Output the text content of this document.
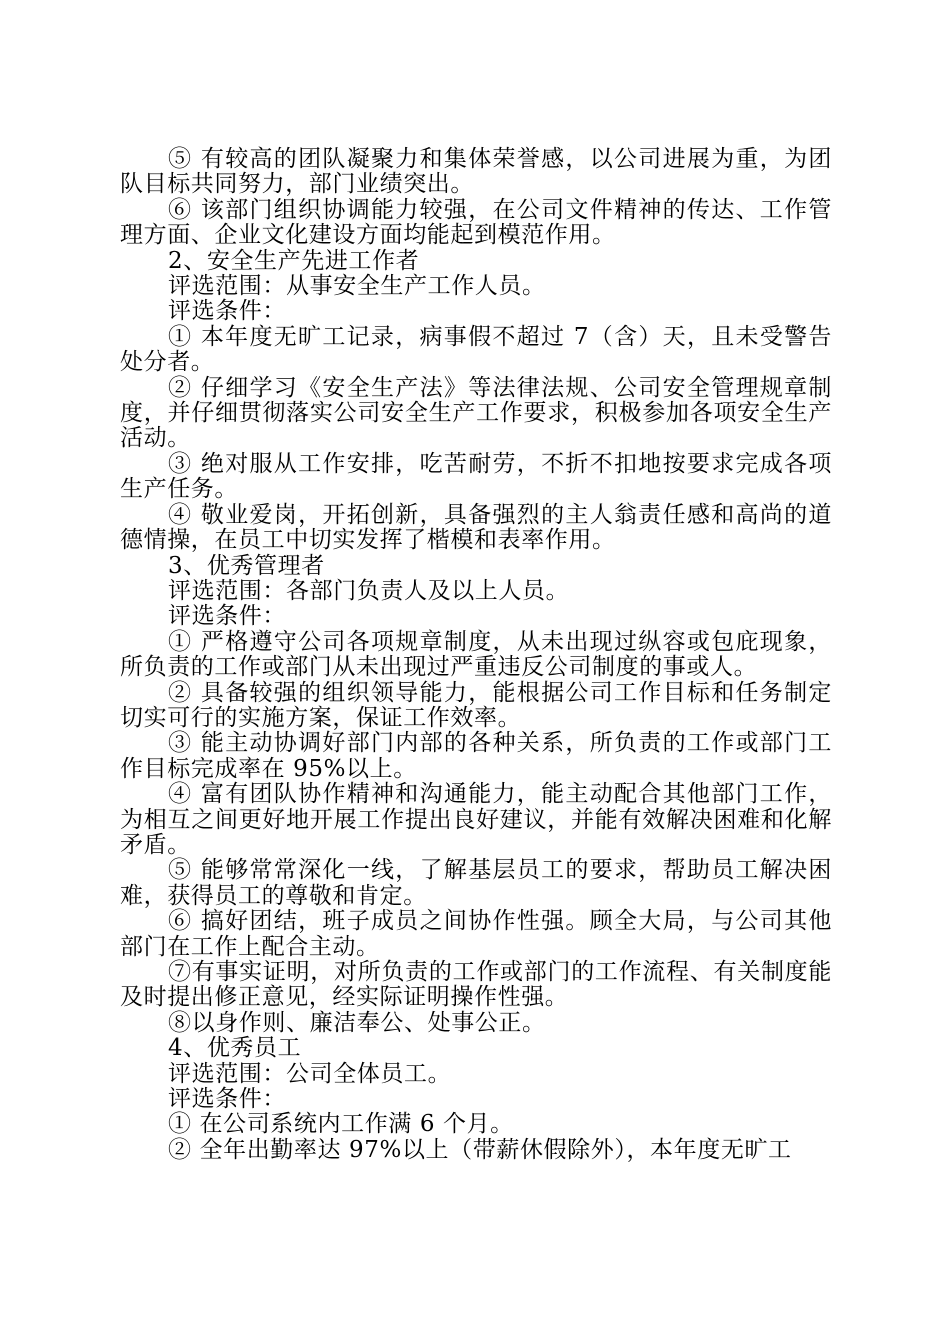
⑤ 有较高的团队凝聚力和集体荣誉感，以公司进展为重，为团队目标共同努力，部门业绩突出。

⑥ 该部门组织协调能力较强，在公司文件精神的传达、工作管理方面、企业文化建设方面均能起到模范作用。

2、安全生产先进工作者

评选范围：从事安全生产工作人员。

评选条件：

① 本年度无旷工记录，病事假不超过 7（含）天，且未受警告处分者。

② 仔细学习《安全生产法》等法律法规、公司安全管理规章制度，并仔细贯彻落实公司安全生产工作要求，积极参加各项安全生产活动。

③ 绝对服从工作安排，吃苦耐劳，不折不扣地按要求完成各项生产任务。

④ 敬业爱岗，开拓创新，具备强烈的主人翁责任感和高尚的道德情操，在员工中切实发挥了楷模和表率作用。

3、优秀管理者

评选范围：各部门负责人及以上人员。

评选条件：

① 严格遵守公司各项规章制度，从未出现过纵容或包庇现象，所负责的工作或部门从未出现过严重违反公司制度的事或人。

② 具备较强的组织领导能力，能根据公司工作目标和任务制定切实可行的实施方案，保证工作效率。

③ 能主动协调好部门内部的各种关系，所负责的工作或部门工作目标完成率在 95%以上。

④ 富有团队协作精神和沟通能力，能主动配合其他部门工作，为相互之间更好地开展工作提出良好建议，并能有效解决困难和化解矛盾。

⑤ 能够常常深化一线，了解基层员工的要求，帮助员工解决困难，获得员工的尊敬和肯定。

⑥ 搞好团结，班子成员之间协作性强。顾全大局，与公司其他部门在工作上配合主动。

⑦有事实证明，对所负责的工作或部门的工作流程、有关制度能及时提出修正意见，经实际证明操作性强。

⑧以身作则、廉洁奉公、处事公正。

4、优秀员工

评选范围：公司全体员工。

评选条件：

① 在公司系统内工作满 6 个月。

② 全年出勤率达 97%以上（带薪休假除外），本年度无旷工
